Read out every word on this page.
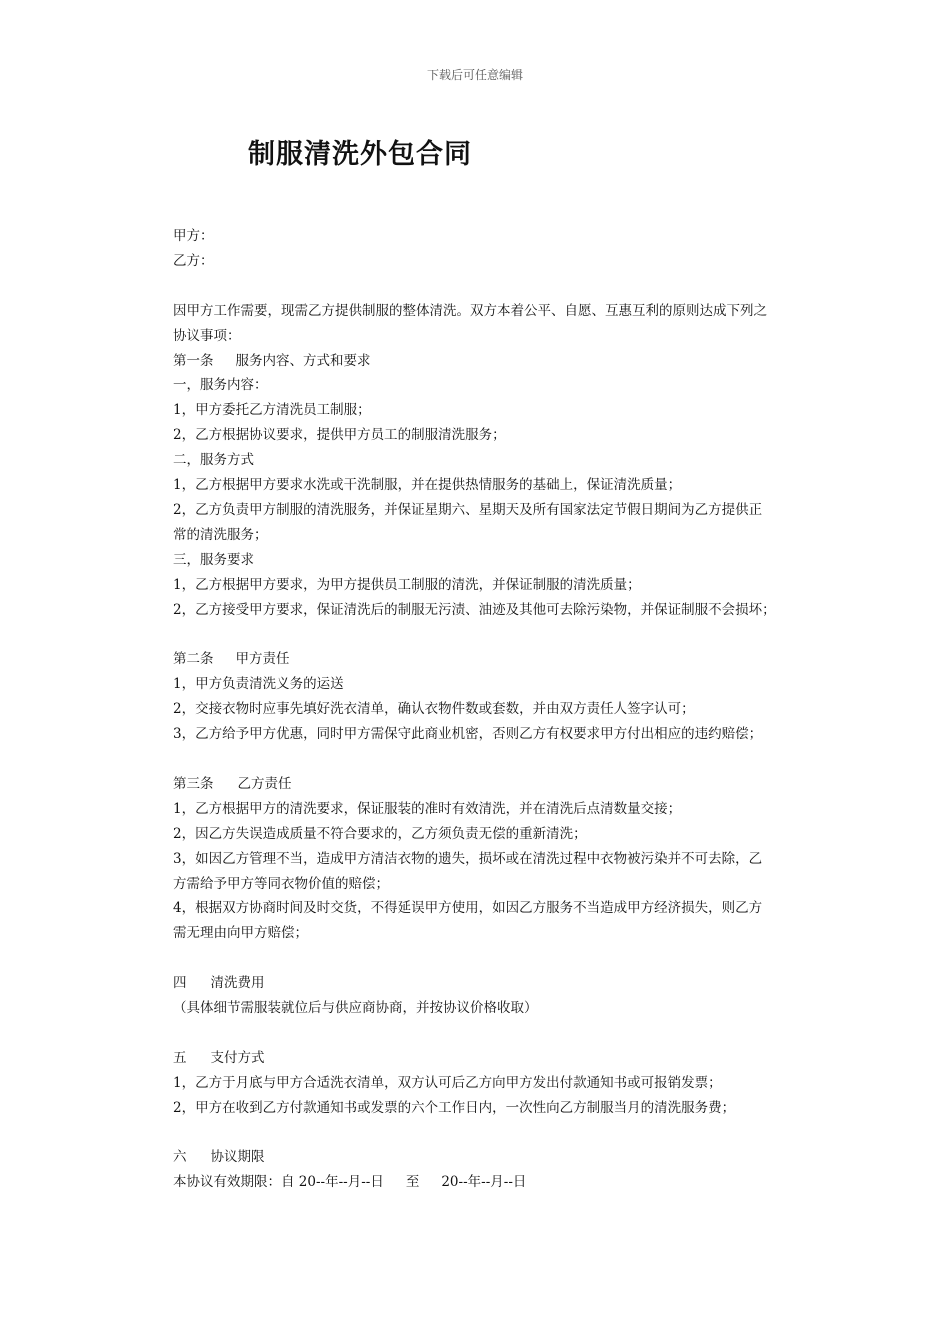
下载后可任意编辑
制服清洗外包合同

甲方：

乙方：

因甲方工作需要，现需乙方提供制服的整体清洗。双方本着公平、自愿、互惠互利的原则达成下列之

协议事项：

第一条 服务内容、方式和要求

一，服务内容：

1，甲方委托乙方清洗员工制服；

2，乙方根据协议要求，提供甲方员工的制服清洗服务；

二，服务方式

1，乙方根据甲方要求水洗或干洗制服，并在提供热情服务的基础上，保证清洗质量；

2，乙方负责甲方制服的清洗服务，并保证星期六、星期天及所有国家法定节假日期间为乙方提供正

常的清洗服务；

三，服务要求

1，乙方根据甲方要求，为甲方提供员工制服的清洗，并保证制服的清洗质量；

2，乙方接受甲方要求，保证清洗后的制服无污渍、油迹及其他可去除污染物，并保证制服不会损坏；

第二条 甲方责任

1，甲方负责清洗义务的运送

2，交接衣物时应事先填好洗衣清单，确认衣物件数或套数，并由双方责任人签字认可；

3，乙方给予甲方优惠，同时甲方需保守此商业机密，否则乙方有权要求甲方付出相应的违约赔偿；

第三条 乙方责任

1，乙方根据甲方的清洗要求，保证服装的准时有效清洗，并在清洗后点清数量交接；

2，因乙方失误造成质量不符合要求的，乙方须负责无偿的重新清洗；

3，如因乙方管理不当，造成甲方清洁衣物的遗失，损坏或在清洗过程中衣物被污染并不可去除，乙

方需给予甲方等同衣物价值的赔偿；

4，根据双方协商时间及时交货，不得延误甲方使用，如因乙方服务不当造成甲方经济损失，则乙方

需无理由向甲方赔偿；

四 清洗费用

（具体细节需服装就位后与供应商协商，并按协议价格收取）

五 支付方式

1，乙方于月底与甲方合适洗衣清单，双方认可后乙方向甲方发出付款通知书或可报销发票；

2，甲方在收到乙方付款通知书或发票的六个工作日内，一次性向乙方制服当月的清洗服务费；

六 协议期限

本协议有效期限：自 20--年--月--日 至 20--年--月--日
